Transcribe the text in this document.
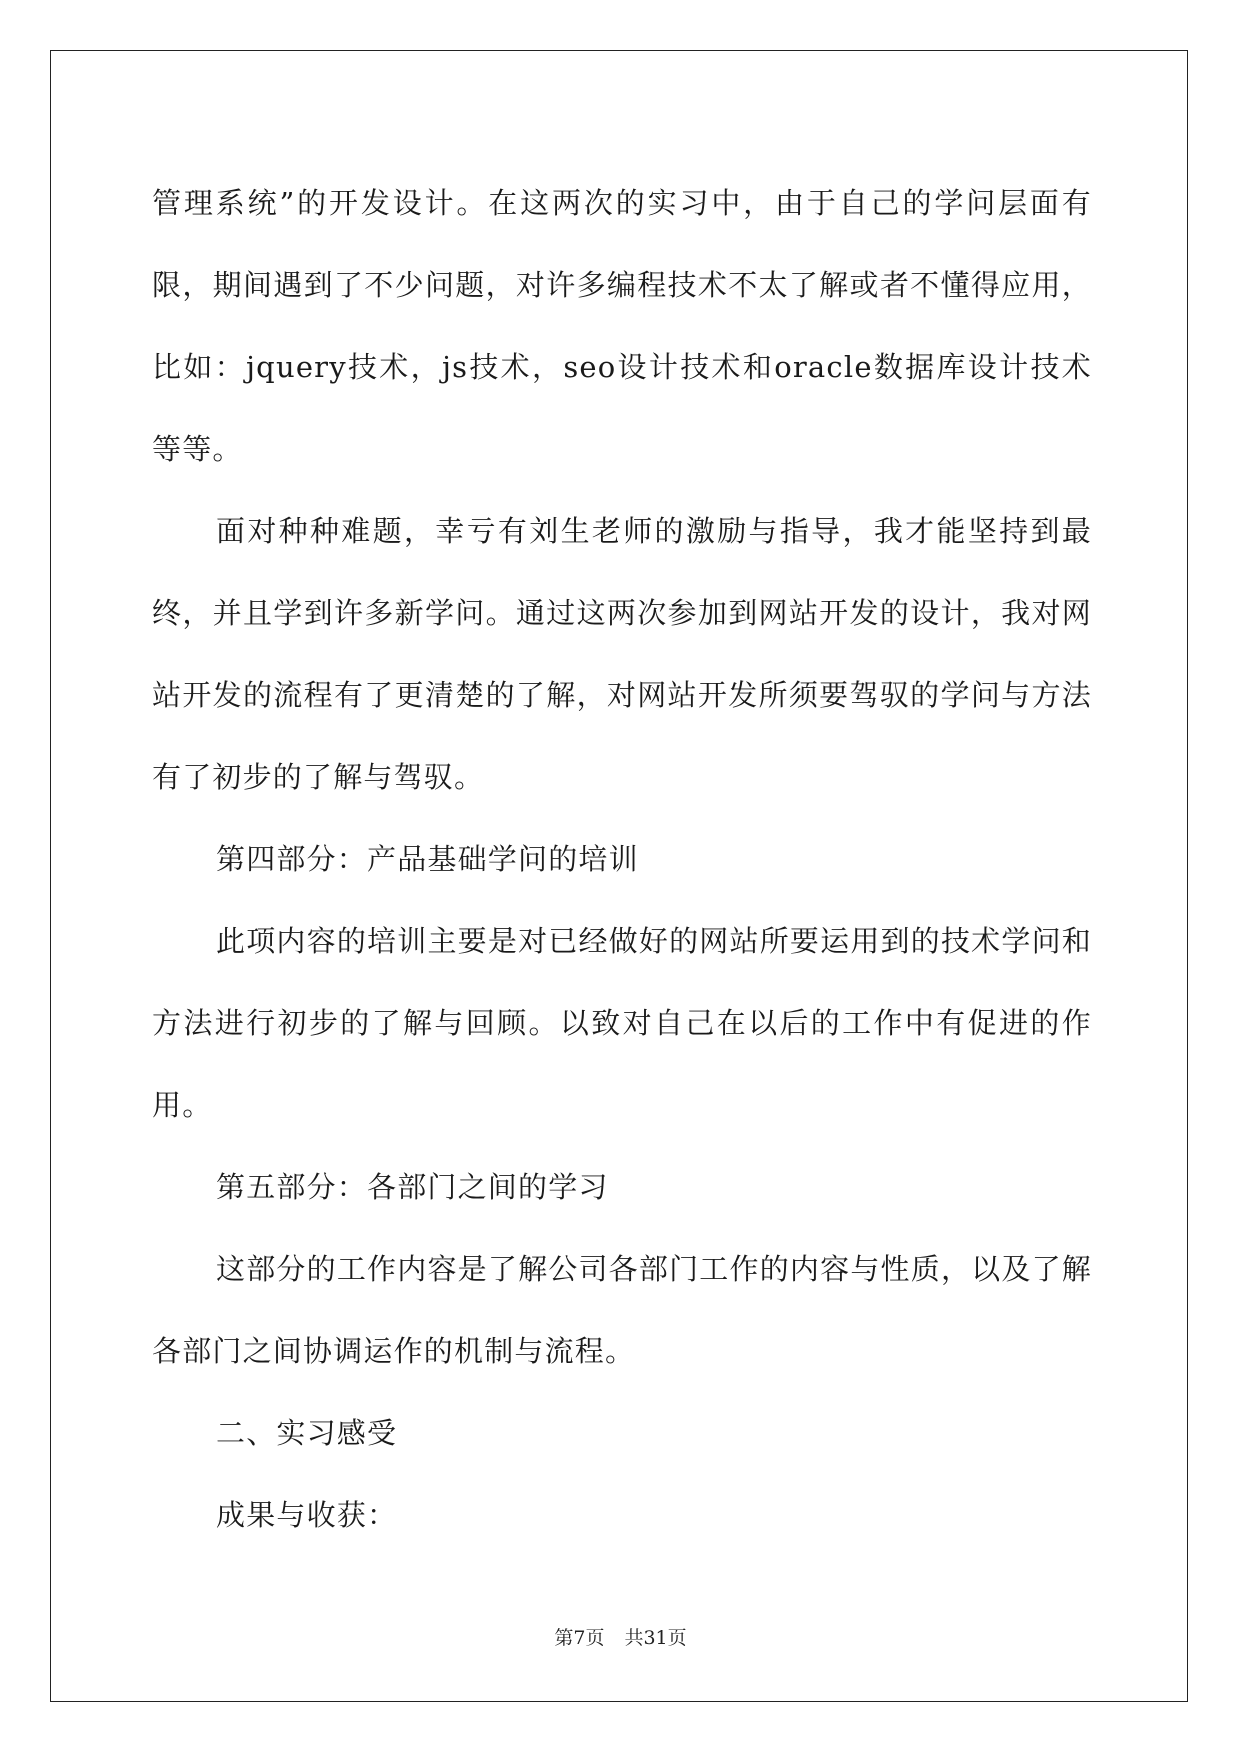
管理系统”的开发设计。在这两次的实习中，由于自己的学问层面有限，期间遇到了不少问题，对许多编程技术不太了解或者不懂得应用，比如：jquery技术，js技术，seo设计技术和oracle数据库设计技术等等。

面对种种难题，幸亏有刘生老师的激励与指导，我才能坚持到最终，并且学到许多新学问。通过这两次参加到网站开发的设计，我对网站开发的流程有了更清楚的了解，对网站开发所须要驾驭的学问与方法有了初步的了解与驾驭。

第四部分：产品基础学问的培训

此项内容的培训主要是对已经做好的网站所要运用到的技术学问和方法进行初步的了解与回顾。以致对自己在以后的工作中有促进的作用。

第五部分：各部门之间的学习

这部分的工作内容是了解公司各部门工作的内容与性质，以及了解各部门之间协调运作的机制与流程。

二、实习感受

成果与收获：

第7页 共31页
